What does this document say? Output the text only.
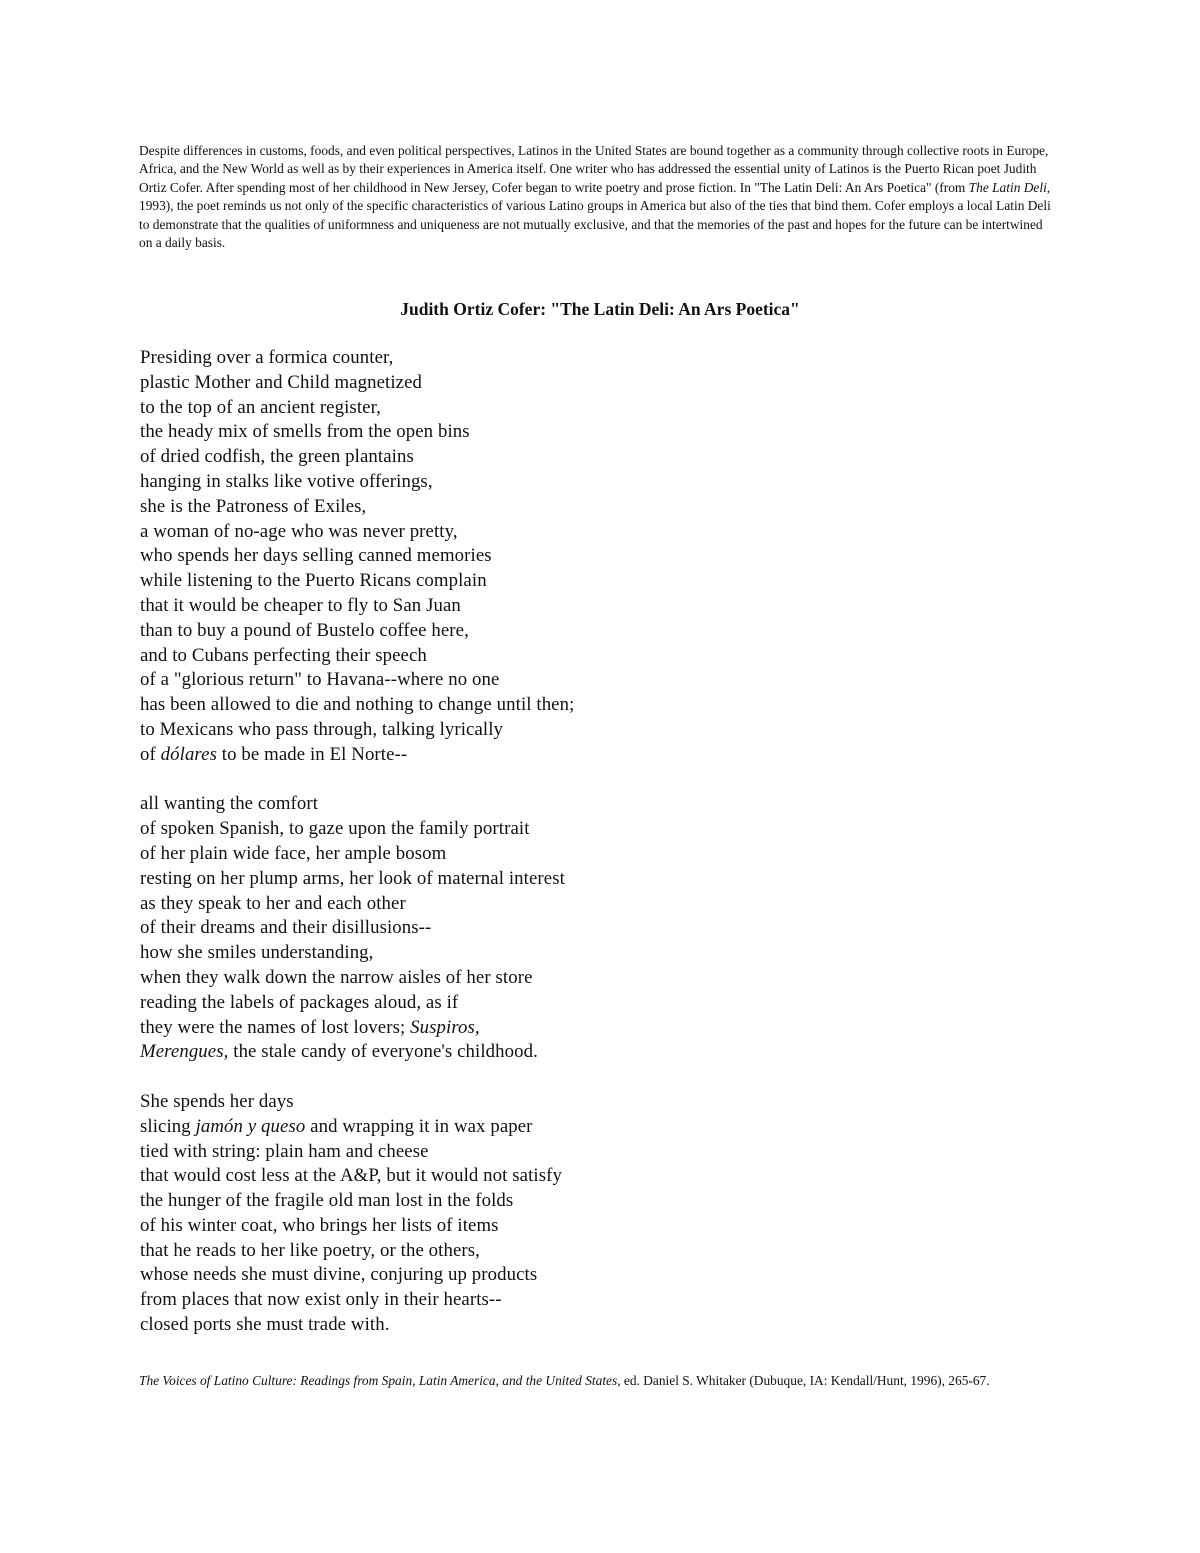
Despite differences in customs, foods, and even political perspectives, Latinos in the United States are bound together as a community through collective roots in Europe, Africa, and the New World as well as by their experiences in America itself. One writer who has addressed the essential unity of Latinos is the Puerto Rican poet Judith Ortiz Cofer. After spending most of her childhood in New Jersey, Cofer began to write poetry and prose fiction. In "The Latin Deli: An Ars Poetica" (from The Latin Deli, 1993), the poet reminds us not only of the specific characteristics of various Latino groups in America but also of the ties that bind them. Cofer employs a local Latin Deli to demonstrate that the qualities of uniformness and uniqueness are not mutually exclusive, and that the memories of the past and hopes for the future can be intertwined on a daily basis.

Judith Ortiz Cofer: "The Latin Deli: An Ars Poetica"
Presiding over a formica counter,
plastic Mother and Child magnetized
to the top of an ancient register,
the heady mix of smells from the open bins
of dried codfish, the green plantains
hanging in stalks like votive offerings,
she is the Patroness of Exiles,
a woman of no-age who was never pretty,
who spends her days selling canned memories
while listening to the Puerto Ricans complain
that it would be cheaper to fly to San Juan
than to buy a pound of Bustelo coffee here,
and to Cubans perfecting their speech
of a "glorious return" to Havana--where no one
has been allowed to die and nothing to change until then;
to Mexicans who pass through, talking lyrically
of dólares to be made in El Norte--
all wanting the comfort
of spoken Spanish, to gaze upon the family portrait
of her plain wide face, her ample bosom
resting on her plump arms, her look of maternal interest
as they speak to her and each other
of their dreams and their disillusions--
how she smiles understanding,
when they walk down the narrow aisles of her store
reading the labels of packages aloud, as if
they were the names of lost lovers; Suspiros,
Merengues, the stale candy of everyone's childhood.
She spends her days
slicing jamón y queso and wrapping it in wax paper
tied with string: plain ham and cheese
that would cost less at the A&P, but it would not satisfy
the hunger of the fragile old man lost in the folds
of his winter coat, who brings her lists of items
that he reads to her like poetry, or the others,
whose needs she must divine, conjuring up products
from places that now exist only in their hearts--
closed ports she must trade with.

The Voices of Latino Culture: Readings from Spain, Latin America, and the United States, ed. Daniel S. Whitaker (Dubuque, IA: Kendall/Hunt, 1996), 265-67.
